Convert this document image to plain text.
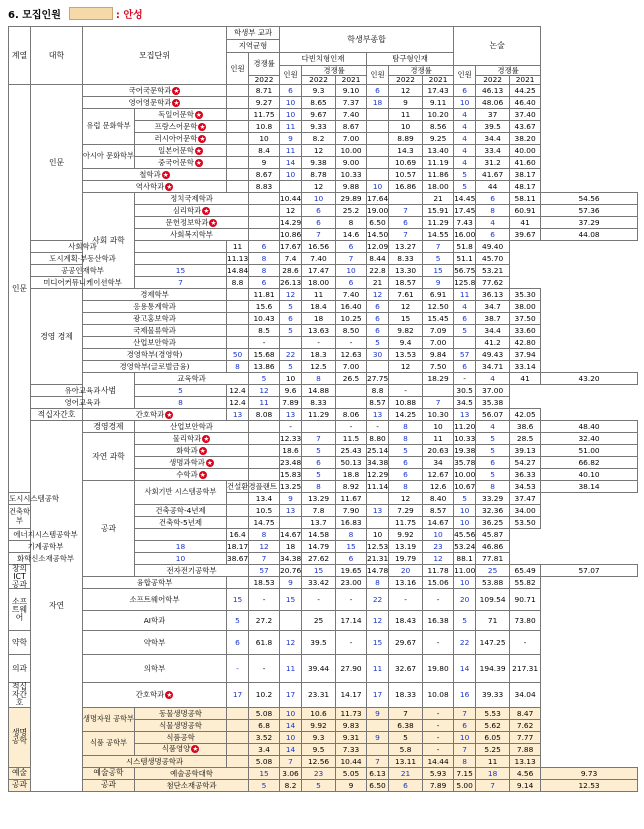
6. 모집인원	: 안성
계열	대학	모집단위		학생부 교과		학생부종합						논술			
				지역균형											
				인원	경쟁률	다빈치형인재			탐구형인재						
						인원	경쟁률		인원	경쟁률		인원	경쟁률		
					2022		2022	2021		2022	2021		2022	2021	
인문	인문	국어국문학과 ★			8.71	6	9.3	9.10	6	12	17.43	6	46.13	44.25	
		영어영문학과 ★			9.27	10	8.65	7.37	18	9	9.11	10	48.06	46.40	
		유럽 문화학부	독일어문학 ★		11.75	10	9.67	7.40		11	10.20	4	37	37.40	
			프랑스어문학 ★		10.8	11	9.33	8.67		10	8.56	4	39.5	43.67	
			러시아어문학 ★		10	9	8.2	7.00		8.89	9.25	4	34.4	38.20	
		아시아 문화학부	일본어문학 ★		8.4	11	12	10.00		14.3	13.40	4	33.4	40.00	
			중국어문학 ★		9	14	9.38	9.00		10.69	11.19	4	31.2	41.60	
		철학과 ★			8.67	10	8.78	10.33		10.57	11.86	5	41.67	38.17	
		역사학과 ★			8.83		12	9.88	10	16.86	18.00	5	44	48.17	
		사회 과학	정치국제학과			10.44	10	29.89	17.64		21	14.45	6	58.11	54.56
			심리학과 ★			12	6	25.2	19.00	7	15.91	17.45	8	60.91	57.36
			문헌정보학과 ★			14.29	6	8	6.50	6	11.29	7.43	4	41	37.29
			사회복지학부			10.86	7	14.6	14.50	7	14.55	16.00	6	39.67	44.08
	사회학과			11	6	17.67	16.56	6	12.09	13.27	7	51.8	49.40		
	도시계획·부동산학과			11.13	8	7.4	7.40	7	8.44	8.33	5	51.1	45.70		
	공공인재학부		15	14.84	8	28.6	17.47	10	22.8	13.30	15	56.75	53.21		
	미디어커뮤니케이션학부		7	8.8	6	26.13	18.00	6	21	18.57	9	125.8	77.62		
	경영 경제	경제학부			11.81	12	11	7.40	12	7.61	6.91	11	36.13	35.30	
		응용통계학과			15.6	5	18.4	16.40	6	12	12.50	4	34.7	38.00	
		광고홍보학과			10.43	6	18	10.25	6	15	15.45	6	38.7	37.50	
		국제물류학과			8.5	5	13.63	8.50	6	9.82	7.09	5	34.4	33.60	
		산업보안학과			-		-	-	5	9.4	7.00		41.2	42.80	
		경영학부(경영학)		50	15.68	22	18.3	12.63	30	13.53	9.84	57	49.43	37.94	
		경영학부(글로벌금융)		8	13.86	5	12.5	7.00		12	7.50	6	34.71	33.14	
		사범	교육학과		5	10	8	26.5	27.75		18.29	-	4	41	43.20
	유아교육과		5	12.4	12	9.6	14.88		8.8	-		30.5	37.00		
	영어교육과		8	12.4	11	7.89	8.33		8.57	10.88	7	34.5	35.38		
	적십자간호	간호학과 ★		13	8.08	13	11.29	8.06	13	14.25	10.30	13	56.07	42.05	
	자연	경영경제	산업보안학과			-		-	-	8	10	11.20	4	38.6	48.40
		자연 과학	물리학과 ★			12.33	7	11.5	8.80	8	11	10.33	5	28.5	32.40
			화학과 ★			18.6	5	25.43	25.14	5	20.63	19.38	5	39.13	51.00
			생명과학과 ★			23.48	6	50.13	34.38	6	34	35.78	6	54.27	66.82
			수학과 ★			15.83	5	18.8	12.29	6	12.67	10.00	5	36.33	40.10
		공과	사회기반 시스템공학부	건설환경플랜트		13.25	8	8.92	11.14	8	12.6	10.67	8	34.53	38.14
도시시스템공학					13.4	9	13.29	11.67		12	8.40	5	33.29	37.47	
건축학부			건축공학-4년제		10.5	13	7.8	7.90	13	7.29	8.57	10	32.36	34.00	
			건축학-5년제		14.75		13.7	16.83		11.75	14.67	10	36.25	53.50	
에너지시스템공학부				16.4	8	14.67	14.58	8	10	9.92	10	45.56	45.87		
기계공학부			18	18.17	12	18	14.79	15	12.53	13.19	23	53.24	46.86		
화학신소재공학부			10	38.67	7	34.38	27.62	6	21.31	19.79	12	88.1	77.81		
창의ICT 공과			전자전기공학부		57	20.76	15	19.65	14.78	20	11.78	11.00	25	65.49	57.07
		융합공학부			18.53	9	33.42	23.00	8	13.16	15.06	10	53.88	55.82	
소프트웨어		소프트웨어학부		15	-	15	-	-	22	-	-	20	109.54	90.71	
		AI학과		5	27.2		25	17.14	12	18.43	16.38	5	71	73.80	
약학		약학부		6	61.8	12	39.5	-	15	29.67	-	22	147.25	-	
의과		의학부		-	-	11	39.44	27.90	11	32.67	19.80	14	194.39	217.31	
적십자간호		간호학과 ★		17	10.2	17	23.31	14.17	17	18.33	10.08	16	39.33	34.04	
생명공학		생명자원 공학부	동물생명공학		5.08	10	10.6	11.73	9	7	-	7	5.53	8.47	
			식물생명공학		6.8	14	9.92	9.83		6.38	-	6	5.62	7.62	
		식품 공학부	식품공학		3.52	10	9.3	9.31	9	5	-	10	6.05	7.77	
			식품영양 ★		3.4	14	9.5	7.33		5.8	-	7	5.25	7.88	
		시스템생명공학과			5.08	7	12.56	10.44	7	13.11	14.44	8	11	13.13	
예술		예술공학	예술공학대학		15	3.06	23	5.05	6.13	21	5.93	7.15	18	4.56	9.73
공과		공과	첨단소재공학과		5	8.2	5	9	6.50	6	7.89	5.00	7	9.14	12.53
